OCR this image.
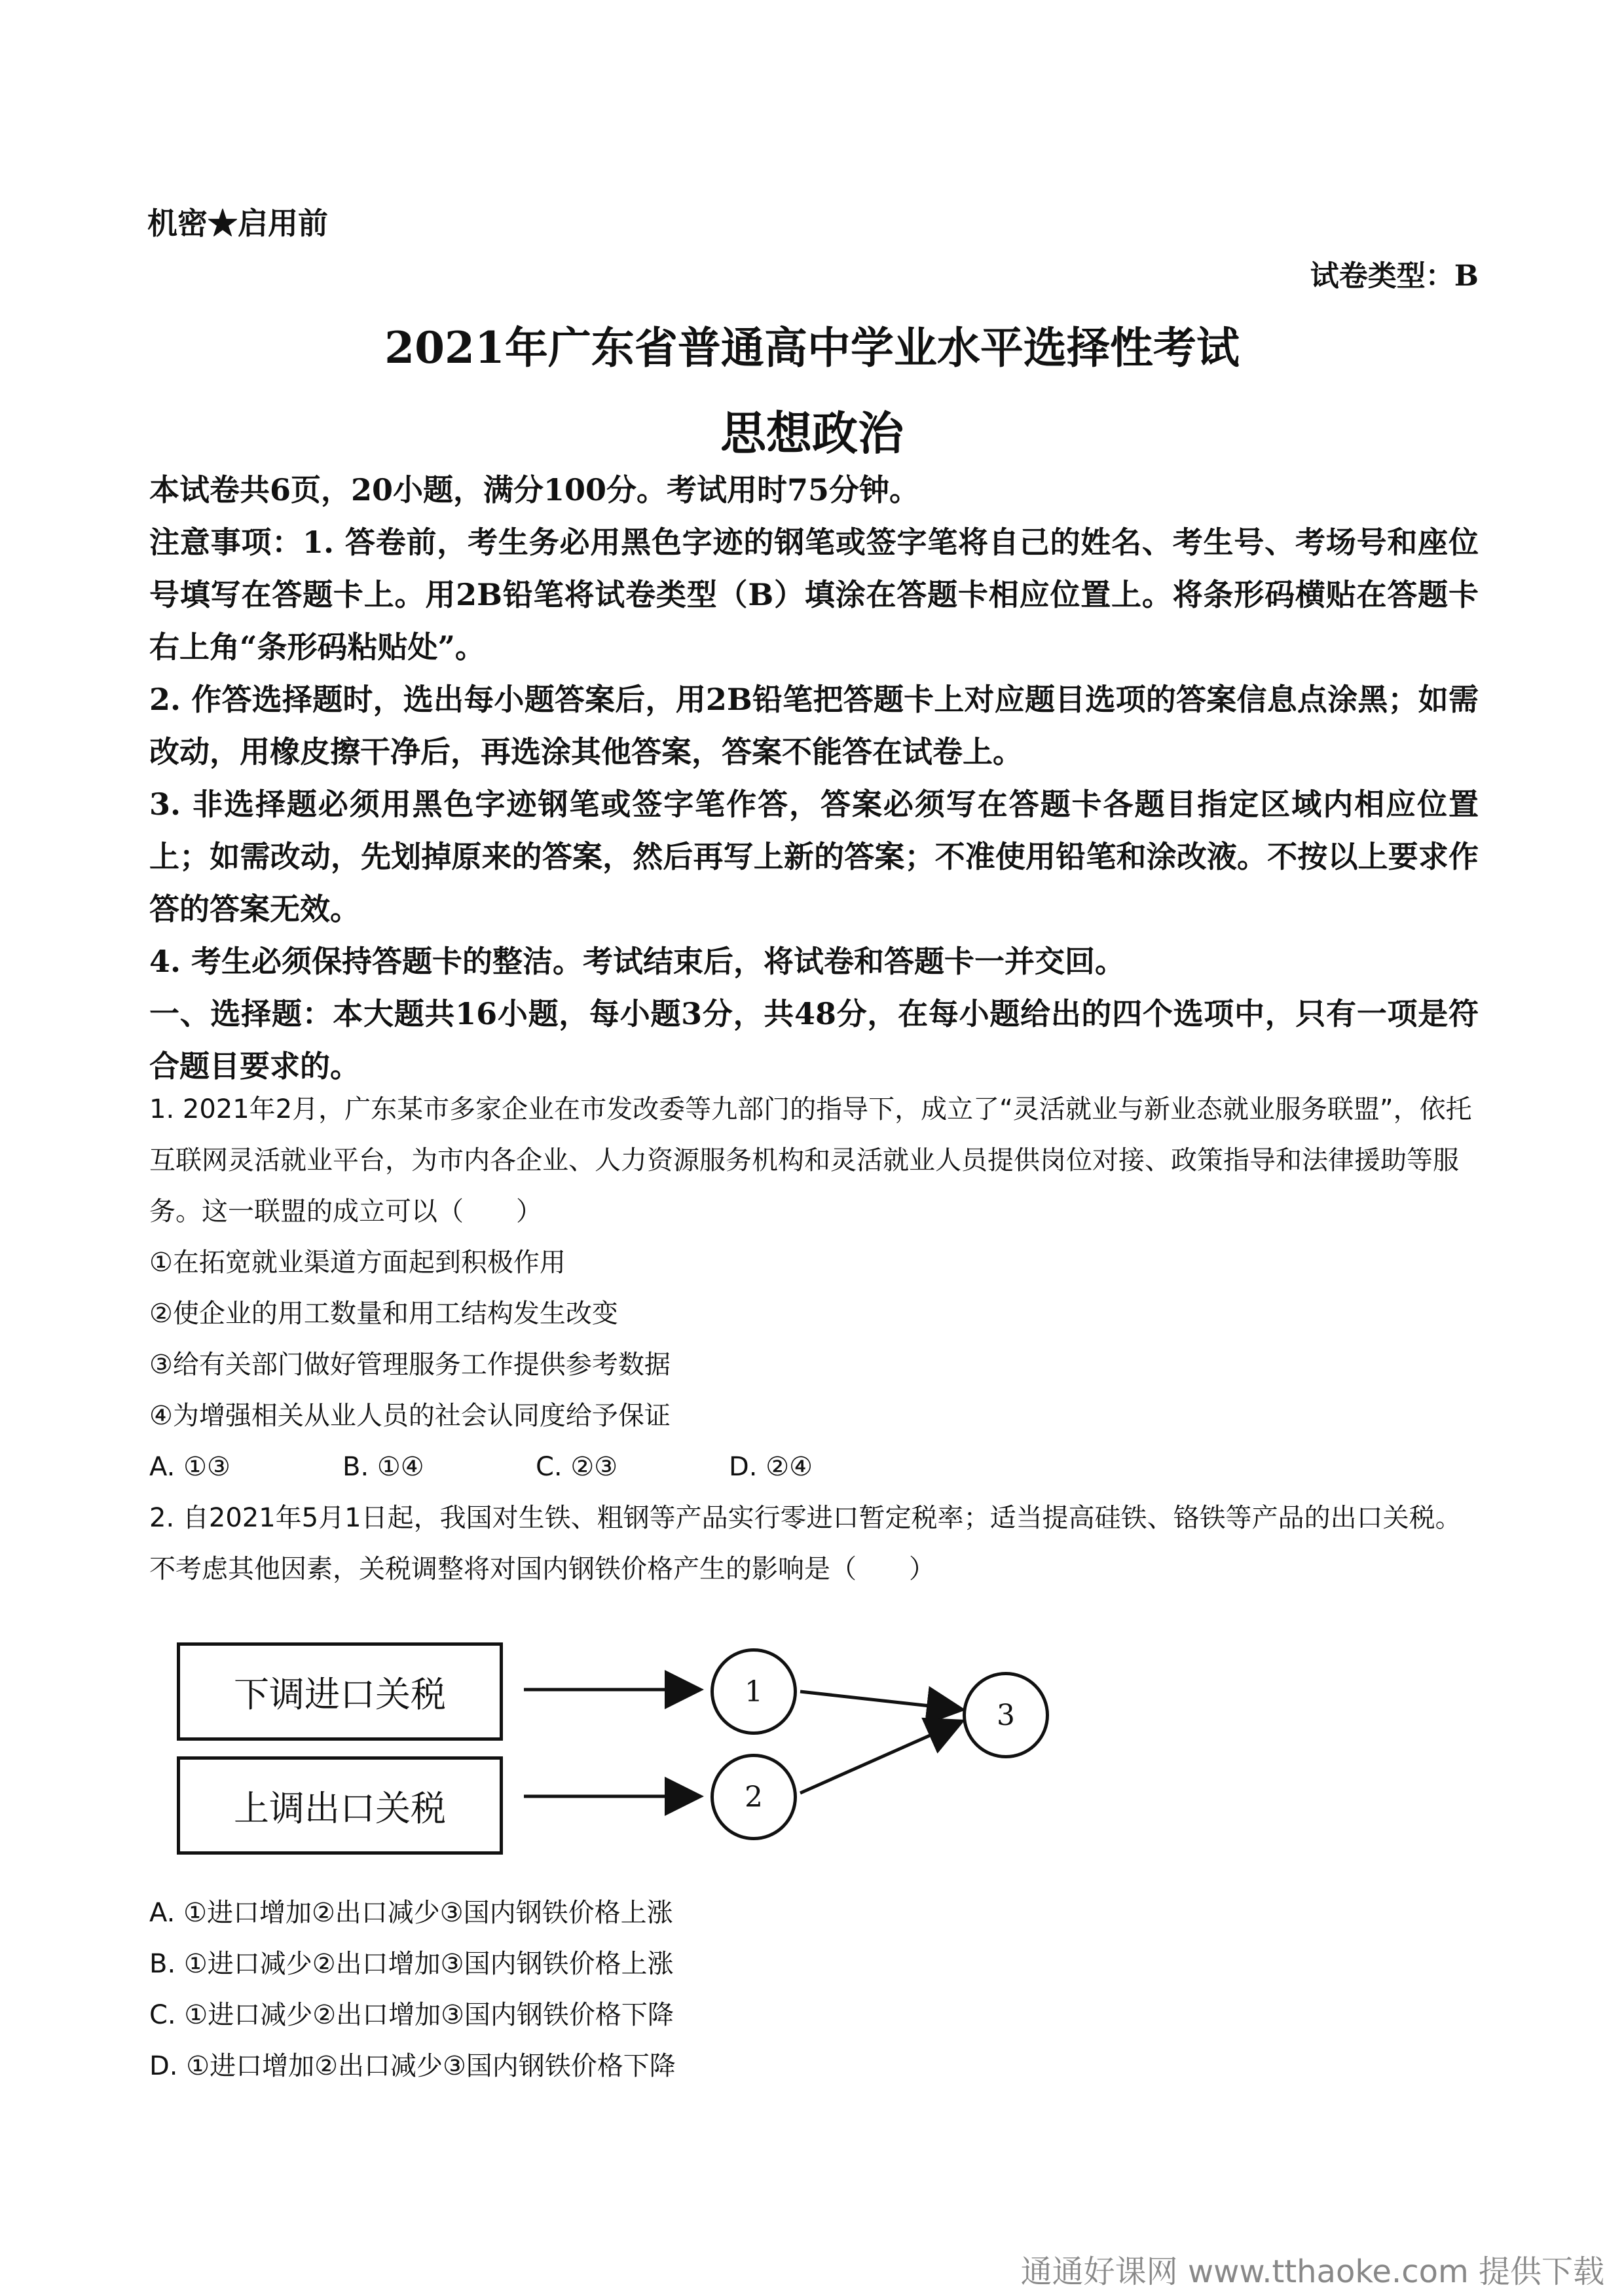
机密★启用前
试卷类型：B
2021年广东省普通高中学业水平选择性考试
思想政治
本试卷共6页，20小题，满分100分。考试用时75分钟。
注意事项：1. 答卷前，考生务必用黑色字迹的钢笔或签字笔将自己的姓名、考生号、考场号和座位号填写在答题卡上。用2B铅笔将试卷类型（B）填涂在答题卡相应位置上。将条形码横贴在答题卡右上角“条形码粘贴处”。
2. 作答选择题时，选出每小题答案后，用2B铅笔把答题卡上对应题目选项的答案信息点涂黑；如需改动，用橡皮擦干净后，再选涂其他答案，答案不能答在试卷上。
3. 非选择题必须用黑色字迹钢笔或签字笔作答，答案必须写在答题卡各题目指定区域内相应位置上；如需改动，先划掉原来的答案，然后再写上新的答案；不准使用铅笔和涂改液。不按以上要求作答的答案无效。
4. 考生必须保持答题卡的整洁。考试结束后，将试卷和答题卡一并交回。
一、选择题：本大题共16小题，每小题3分，共48分，在每小题给出的四个选项中，只有一项是符合题目要求的。
1. 2021年2月，广东某市多家企业在市发改委等九部门的指导下，成立了“灵活就业与新业态就业服务联盟”，依托互联网灵活就业平台，为市内各企业、人力资源服务机构和灵活就业人员提供岗位对接、政策指导和法律援助等服务。这一联盟的成立可以（　　）
①在拓宽就业渠道方面起到积极作用
②使企业的用工数量和用工结构发生改变
③给有关部门做好管理服务工作提供参考数据
④为增强相关从业人员的社会认同度给予保证
A. ①③	B. ①④	C. ②③	D. ②④
2. 自2021年5月1日起，我国对生铁、粗钢等产品实行零进口暂定税率；适当提高硅铁、铬铁等产品的出口关税。不考虑其他因素，关税调整将对国内钢铁价格产生的影响是（　　）
下调进口关税
上调出口关税
1
2
3
A. ①进口增加②出口减少③国内钢铁价格上涨
B. ①进口减少②出口增加③国内钢铁价格上涨
C. ①进口减少②出口增加③国内钢铁价格下降
D. ①进口增加②出口减少③国内钢铁价格下降
通通好课网 www.tthaoke.com 提供下载
